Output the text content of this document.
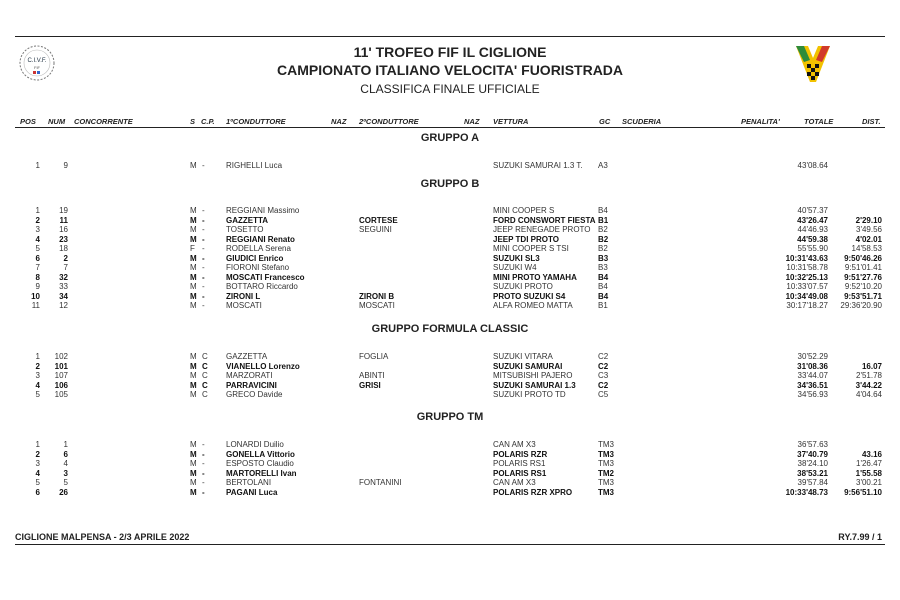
C.I.V.F.
FIF
11' TROFEO FIF IL CIGLIONE
CAMPIONATO ITALIANO VELOCITA' FUORISTRADA
CLASSIFICA FINALE UFFICIALE
POS NUM CONCORRENTE	S C.P. 1ºCONDUTTORE	NAZ 2ºCONDUTTORE	NAZ VETTURA	GC SCUDERIA	PENALITA'	TOTALE	DIST.
GRUPPO A
1	9	M -	RIGHELLI Luca	SUZUKI SAMURAI 1.3 T. A3	43'08.64
GRUPPO B
1	19	M -	REGGIANI Massimo	MINI COOPER S	B4	40'57.37
2	11	M -	GAZZETTA	CORTESE	FORD CONSWORT FIESTA B1	43'26.47	2'29.10
3	16	M -	TOSETTO	SEGUINI	JEEP RENEGADE PROTO B2	44'46.93	3'49.56
4	23	M -	REGGIANI Renato	JEEP TDI PROTO	B2	44'59.38	4'02.01
5	18	F -	RODELLA Serena	MINI COOPER S TSI	B2	55'55.90	14'58.53
6	2	M -	GIUDICI Enrico	SUZUKI SL3	B3	10:31'43.63	9:50'46.26
7	7	M -	FIORONI Stefano	SUZUKI W4	B3	10:31'58.78	9:51'01.41
8	32	M -	MOSCATI Francesco	MINI PROTO YAMAHA	B4	10:32'25.13	9:51'27.76
9	33	M -	BOTTARO Riccardo	SUZUKI PROTO	B4	10:33'07.57	9:52'10.20
10	34	M -	ZIRONI L	ZIRONI B	PROTO SUZUKI S4	B4	10:34'49.08	9:53'51.71
11	12	M -	MOSCATI	MOSCATI	ALFA ROMEO MATTA	B1	30:17'18.27	29:36'20.90
GRUPPO FORMULA CLASSIC
1 102	M C GAZZETTA	FOGLIA	SUZUKI VITARA	C2	30'52.29
2 101	M C VIANELLO Lorenzo	SUZUKI SAMURAI	C2	31'08.36	16.07
3 107	M C MARZORATI	ABINTI	MITSUBISHI PAJERO	C3	33'44.07	2'51.78
4 106	M C PARRAVICINI	GRISI	SUZUKI SAMURAI 1.3	C2	34'36.51	3'44.22
5 105	M C GRECO Davide	SUZUKI PROTO TD	C5	34'56.93	4'04.64
GRUPPO TM
1	1	M -	LONARDI Duilio	CAN AM X3	TM3	36'57.63
2	6	M -	GONELLA Vittorio	POLARIS RZR	TM3	37'40.79	43.16
3	4	M -	ESPOSTO Claudio	POLARIS RS1	TM3	38'24.10	1'26.47
4	3	M -	MARTORELLI Ivan	POLARIS RS1	TM2	38'53.21	1'55.58
5	5	M -	BERTOLANI	FONTANINI	CAN AM X3	TM3	39'57.84	3'00.21
6	26	M -	PAGANI Luca	POLARIS RZR XPRO	TM3	10:33'48.73	9:56'51.10
CIGLIONE MALPENSA - 2/3 APRILE 2022	RY.7.99 / 1
